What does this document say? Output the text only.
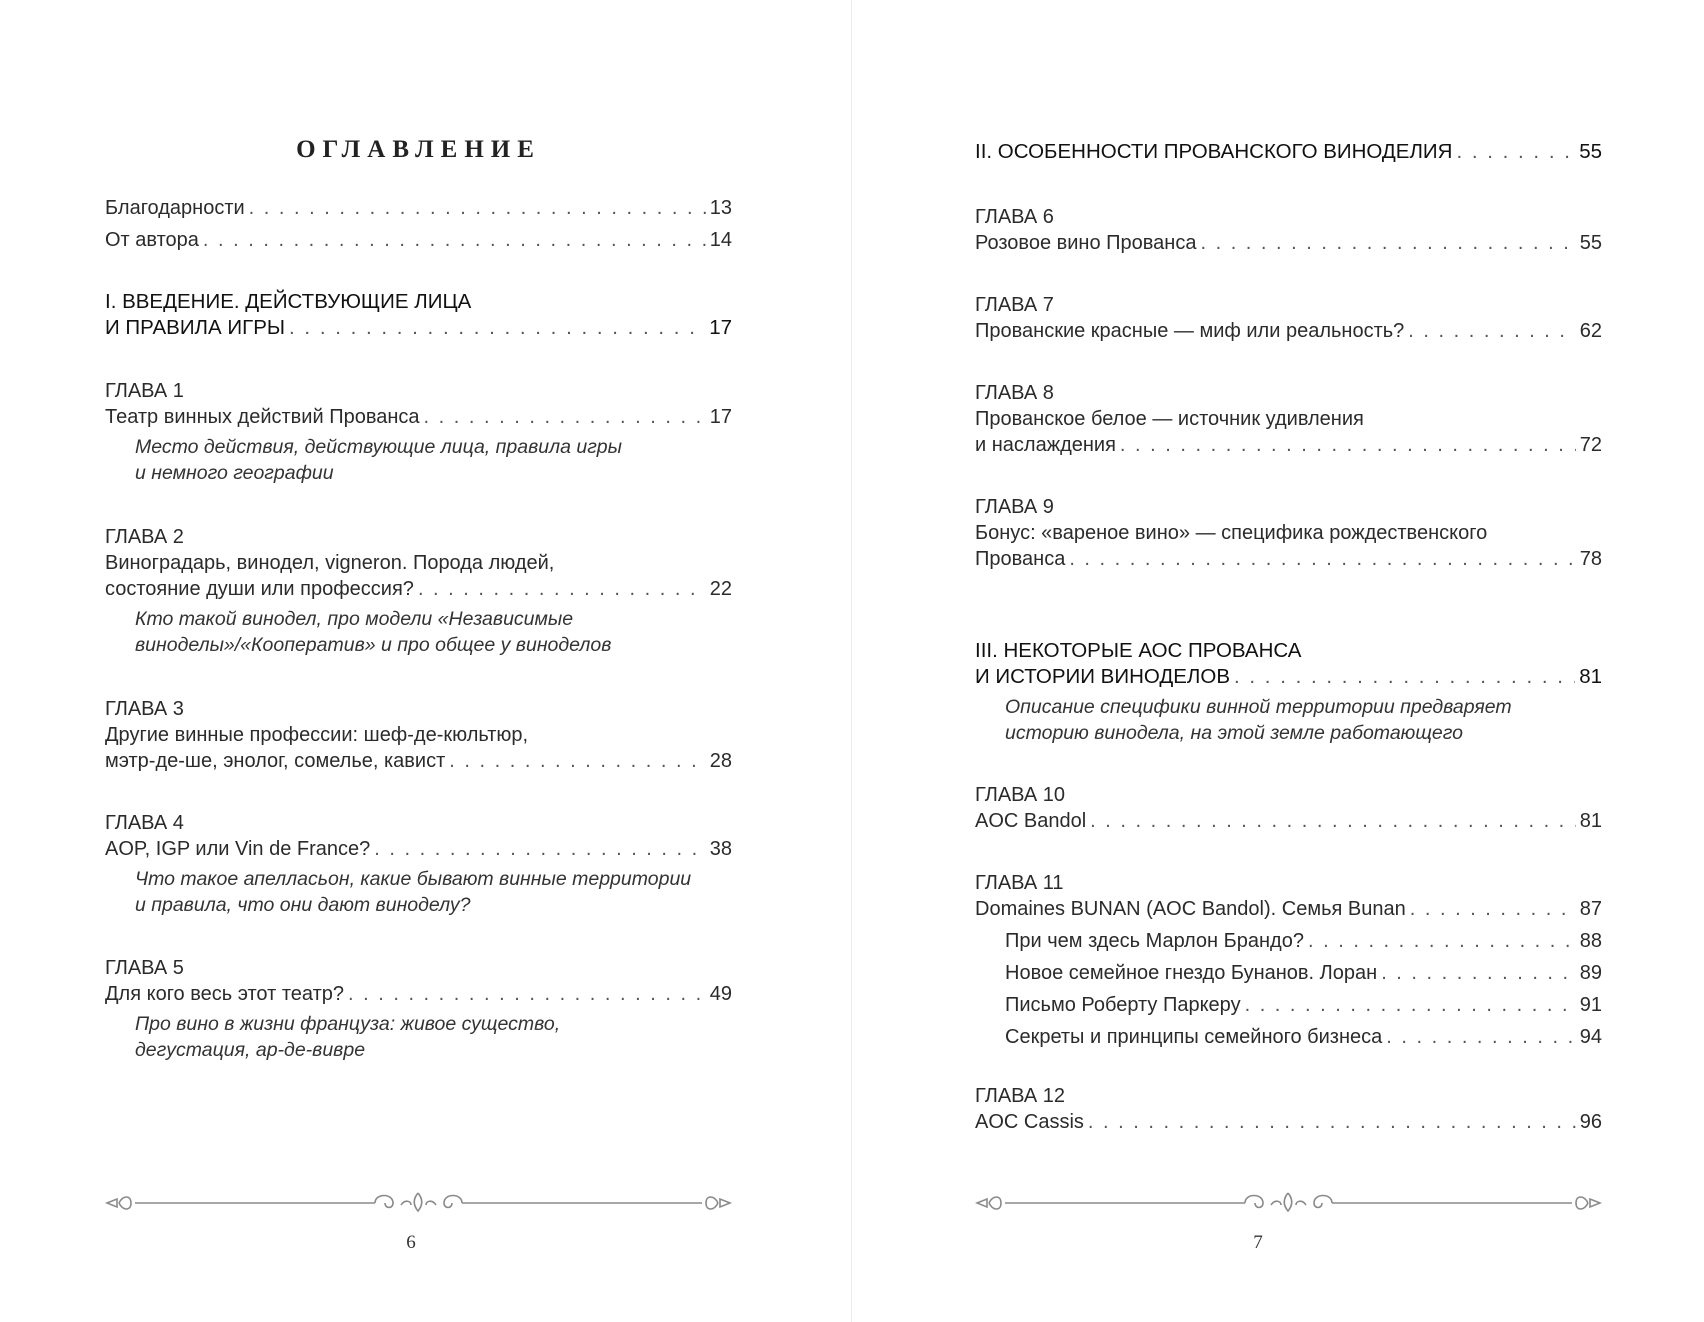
ОГЛАВЛЕНИЕ
Благодарности . . .	13
От автора . . .	14
I. ВВЕДЕНИЕ. ДЕЙСТВУЮЩИЕ ЛИЦА
И ПРАВИЛА ИГРЫ . . .	17
ГЛАВА 1
Театр винных действий Прованса . . .	17
Место действия, действующие лица, правила игры
и немного географии
ГЛАВА 2
Виноградарь, винодел, vigneron. Порода людей,
состояние души или профессия? . . .	22
Кто такой винодел, про модели «Независимые
виноделы»/«Кооператив» и про общее у виноделов
ГЛАВА 3
Другие винные профессии: шеф-де-кюльтюр,
мэтр-де-ше, энолог, сомелье, кавист . . .	28
ГЛАВА 4
AOP, IGP или Vin de France? . . .	38
Что такое апелласьон, какие бывают винные территории
и правила, что они дают виноделу?
ГЛАВА 5
Для кого весь этот театр? . . .	49
Про вино в жизни француза: живое существо,
дегустация, ар-де-вивре
6
II. ОСОБЕННОСТИ ПРОВАНСКОГО ВИНОДЕЛИЯ . . .	55
ГЛАВА 6
Розовое вино Прованса . . .	55
ГЛАВА 7
Прованские красные — миф или реальность? . . .	62
ГЛАВА 8
Прованское белое — источник удивления
и наслаждения . . .	72
ГЛАВА 9
Бонус: «вареное вино» — специфика рождественского
Прованса . . .	78
III. НЕКОТОРЫЕ АОС ПРОВАНСА
И ИСТОРИИ ВИНОДЕЛОВ . . .	81
Описание специфики винной территории предваряет
историю винодела, на этой земле работающего
ГЛАВА 10
AOC Bandol . . .	81
ГЛАВА 11
Domaines BUNAN (AOC Bandol). Семья Bunan . . .	87
При чем здесь Марлон Брандо? . . .	88
Новое семейное гнездо Бунанов. Лоран . . .	89
Письмо Роберту Паркеру . . .	91
Секреты и принципы семейного бизнеса . . .	94
ГЛАВА 12
AOC Cassis . . .	96
7
